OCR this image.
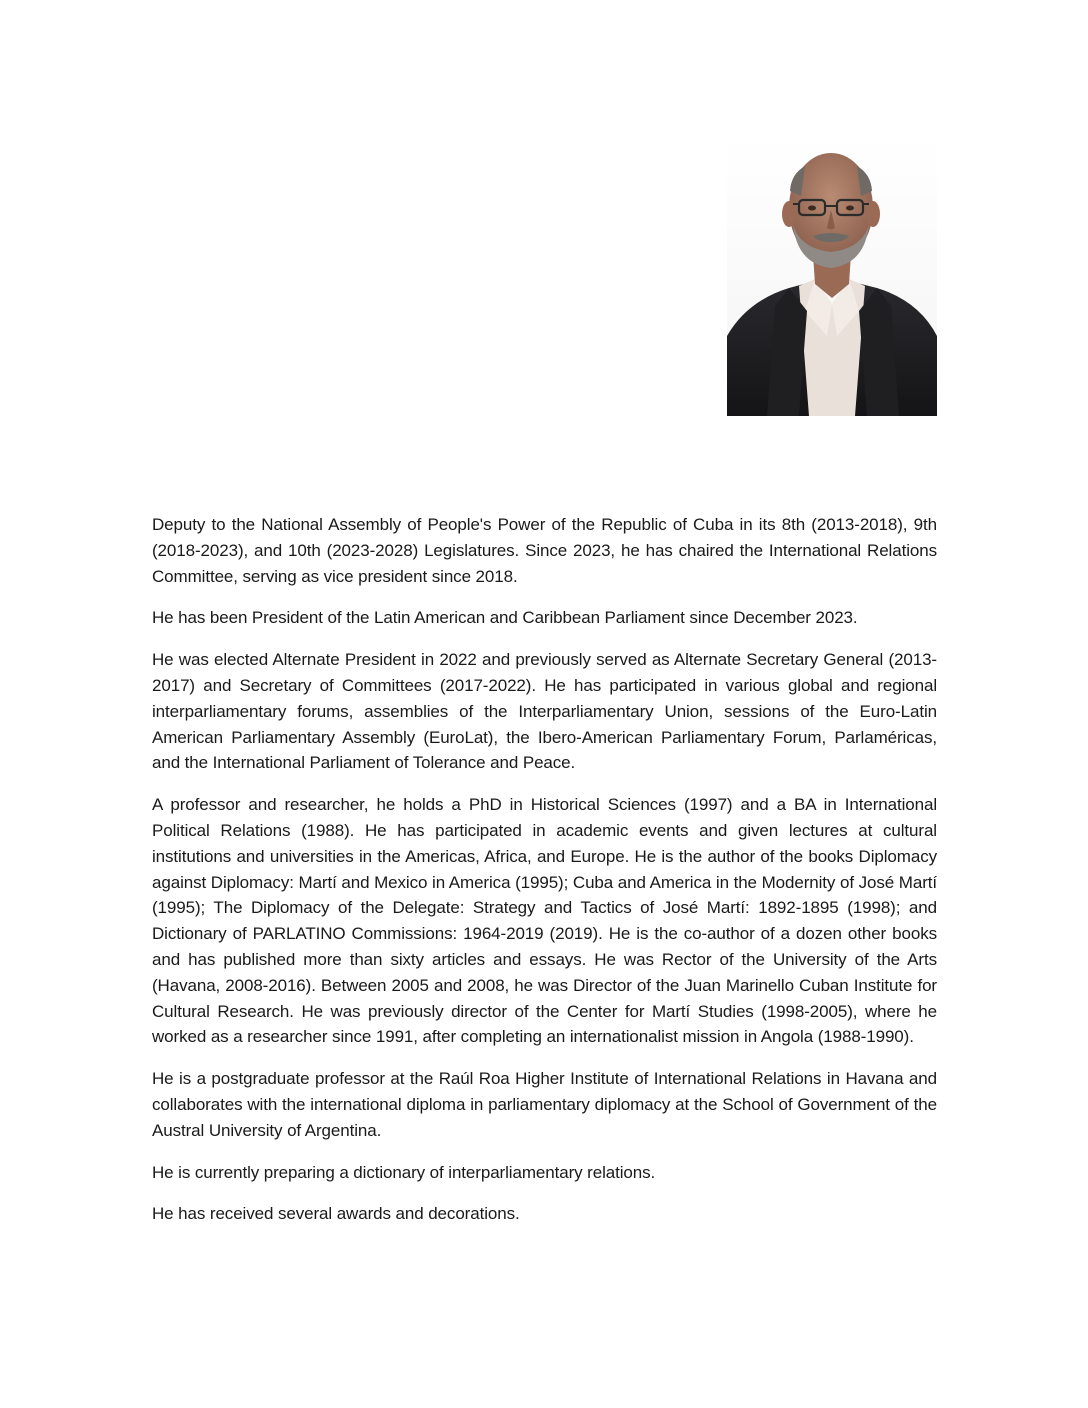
Deputy to the National Assembly of People's Power of the Republic of Cuba in its 8th (2013-2018), 9th (2018-2023), and 10th (2023-2028) Legislatures. Since 2023, he has chaired the International Relations Committee, serving as vice president since 2018.

He has been President of the Latin American and Caribbean Parliament since December 2023.

He was elected Alternate President in 2022 and previously served as Alternate Secretary General (2013-2017) and Secretary of Committees (2017-2022). He has participated in various global and regional interparliamentary forums, assemblies of the Interparliamentary Union, sessions of the Euro-Latin American Parliamentary Assembly (EuroLat), the Ibero-American Parliamentary Forum, Parlaméricas, and the International Parliament of Tolerance and Peace.

A professor and researcher, he holds a PhD in Historical Sciences (1997) and a BA in International Political Relations (1988). He has participated in academic events and given lectures at cultural institutions and universities in the Americas, Africa, and Europe. He is the author of the books Diplomacy against Diplomacy: Martí and Mexico in America (1995); Cuba and America in the Modernity of José Martí (1995); The Diplomacy of the Delegate: Strategy and Tactics of José Martí: 1892-1895 (1998); and Dictionary of PARLATINO Commissions: 1964-2019 (2019). He is the co-author of a dozen other books and has published more than sixty articles and essays. He was Rector of the University of the Arts (Havana, 2008-2016). Between 2005 and 2008, he was Director of the Juan Marinello Cuban Institute for Cultural Research. He was previously director of the Center for Martí Studies (1998-2005), where he worked as a researcher since 1991, after completing an internationalist mission in Angola (1988-1990).

He is a postgraduate professor at the Raúl Roa Higher Institute of International Relations in Havana and collaborates with the international diploma in parliamentary diplomacy at the School of Government of the Austral University of Argentina.

He is currently preparing a dictionary of interparliamentary relations.

He has received several awards and decorations.
